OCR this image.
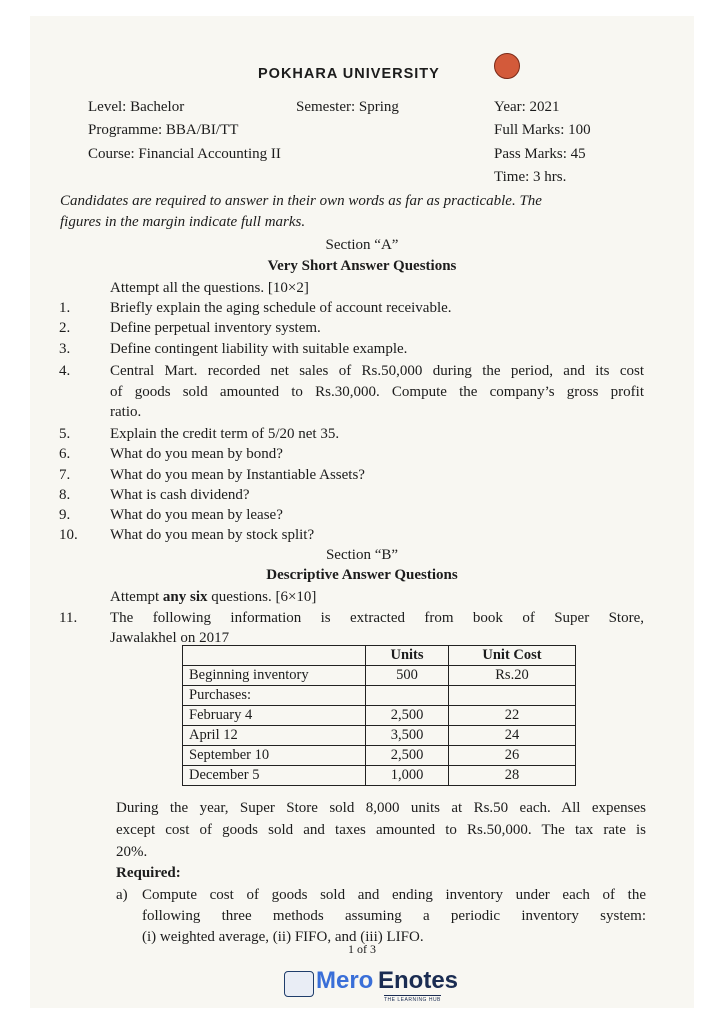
POKHARA UNIVERSITY
Level: Bachelor	Semester: Spring	Year: 2021
Programme: BBA/BI/TT	Full Marks: 100
Course: Financial Accounting II	Pass Marks: 45
Time: 3 hrs.
Candidates are required to answer in their own words as far as practicable. The
figures in the margin indicate full marks.
Section “A”
Very Short Answer Questions
Attempt all the questions. [10×2]
1.	Briefly explain the aging schedule of account receivable.
2.	Define perpetual inventory system.
3.	Define contingent liability with suitable example.
4.	Central Mart. recorded net sales of Rs.50,000 during the period, and its cost
of goods sold amounted to Rs.30,000. Compute the company’s gross profit
ratio.
5.	Explain the credit term of 5/20 net 35.
6.	What do you mean by bond?
7.	What do you mean by Instantiable Assets?
8.	What is cash dividend?
9.	What do you mean by lease?
10.	What do you mean by stock split?
Section “B”
Descriptive Answer Questions
Attempt any six questions. [6×10]
11.	The following information is extracted from book of Super Store,
Jawalakhel on 2017
	Units	Unit Cost
Beginning inventory	500	Rs.20
Purchases:		
February 4	2,500	22
April 12	3,500	24
September 10	2,500	26
December 5	1,000	28
During the year, Super Store sold 8,000 units at Rs.50 each. All expenses
except cost of goods sold and taxes amounted to Rs.50,000. The tax rate is
20%.
Required:
a) Compute cost of goods sold and ending inventory under each of the
following three methods assuming a periodic inventory system:
(i) weighted average, (ii) FIFO, and (iii) LIFO.
1 of 3
Mero Enotes
THE LEARNING HUB
